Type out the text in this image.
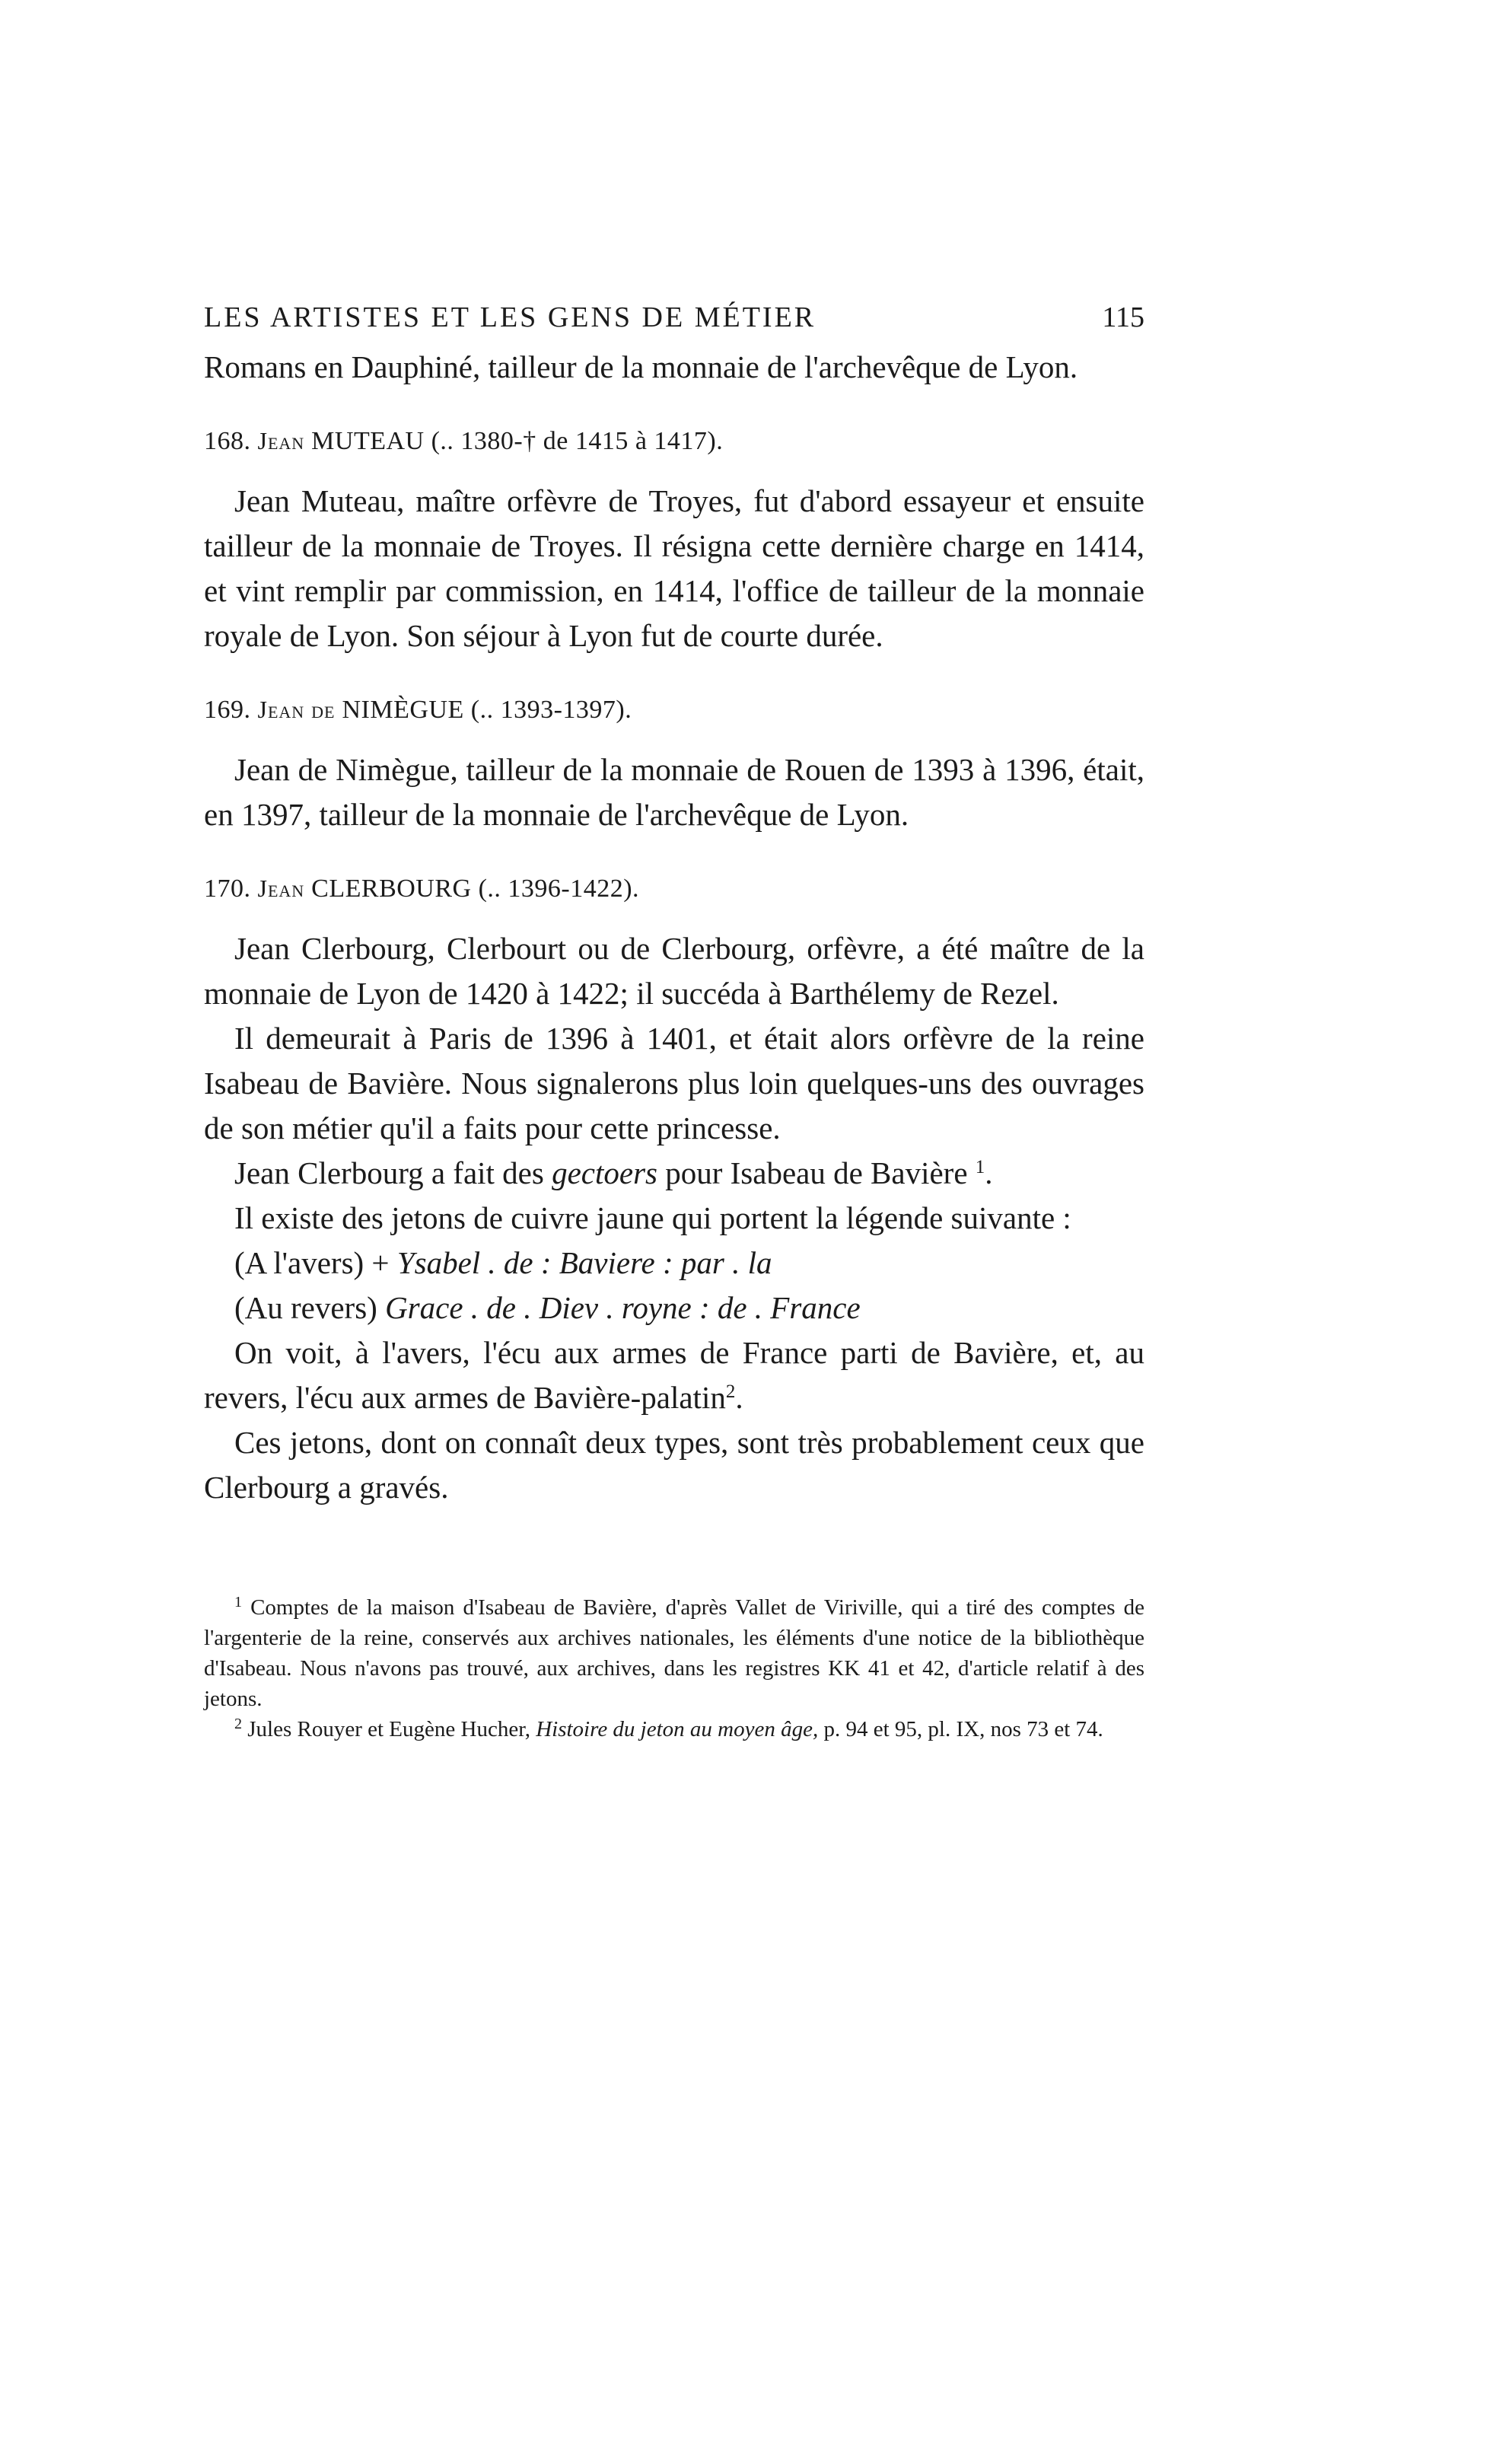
LES ARTISTES ET LES GENS DE MÉTIER	115

Romans en Dauphiné, tailleur de la monnaie de l'archevêque de Lyon.

168. Jean MUTEAU (.. 1380-† de 1415 à 1417).

Jean Muteau, maître orfèvre de Troyes, fut d'abord essayeur et ensuite tailleur de la monnaie de Troyes. Il résigna cette dernière charge en 1414, et vint remplir par commission, en 1414, l'office de tailleur de la monnaie royale de Lyon. Son séjour à Lyon fut de courte durée.

169. Jean de NIMÈGUE (.. 1393-1397).

Jean de Nimègue, tailleur de la monnaie de Rouen de 1393 à 1396, était, en 1397, tailleur de la monnaie de l'archevêque de Lyon.

170. Jean CLERBOURG (.. 1396-1422).

Jean Clerbourg, Clerbourt ou de Clerbourg, orfèvre, a été maître de la monnaie de Lyon de 1420 à 1422; il succéda à Barthélemy de Rezel.

Il demeurait à Paris de 1396 à 1401, et était alors orfèvre de la reine Isabeau de Bavière. Nous signalerons plus loin quelques-uns des ouvrages de son métier qu'il a faits pour cette princesse.

Jean Clerbourg a fait des gectoers pour Isabeau de Bavière $^1$.

Il existe des jetons de cuivre jaune qui portent la légende suivante :

(A l'avers) + Ysabel . de : Baviere : par . la

(Au revers) Grace . de . Diev . royne : de . France

On voit, à l'avers, l'écu aux armes de France parti de Bavière, et, au revers, l'écu aux armes de Bavière-palatin$^2$.

Ces jetons, dont on connaît deux types, sont très probablement ceux que Clerbourg a gravés.

$^1$ Comptes de la maison d'Isabeau de Bavière, d'après Vallet de Viriville, qui a tiré des comptes de l'argenterie de la reine, conservés aux archives nationales, les éléments d'une notice de la bibliothèque d'Isabeau. Nous n'avons pas trouvé, aux archives, dans les registres KK 41 et 42, d'article relatif à des jetons.

$^2$ Jules Rouyer et Eugène Hucher, Histoire du jeton au moyen âge, p. 94 et 95, pl. IX, nos 73 et 74.
